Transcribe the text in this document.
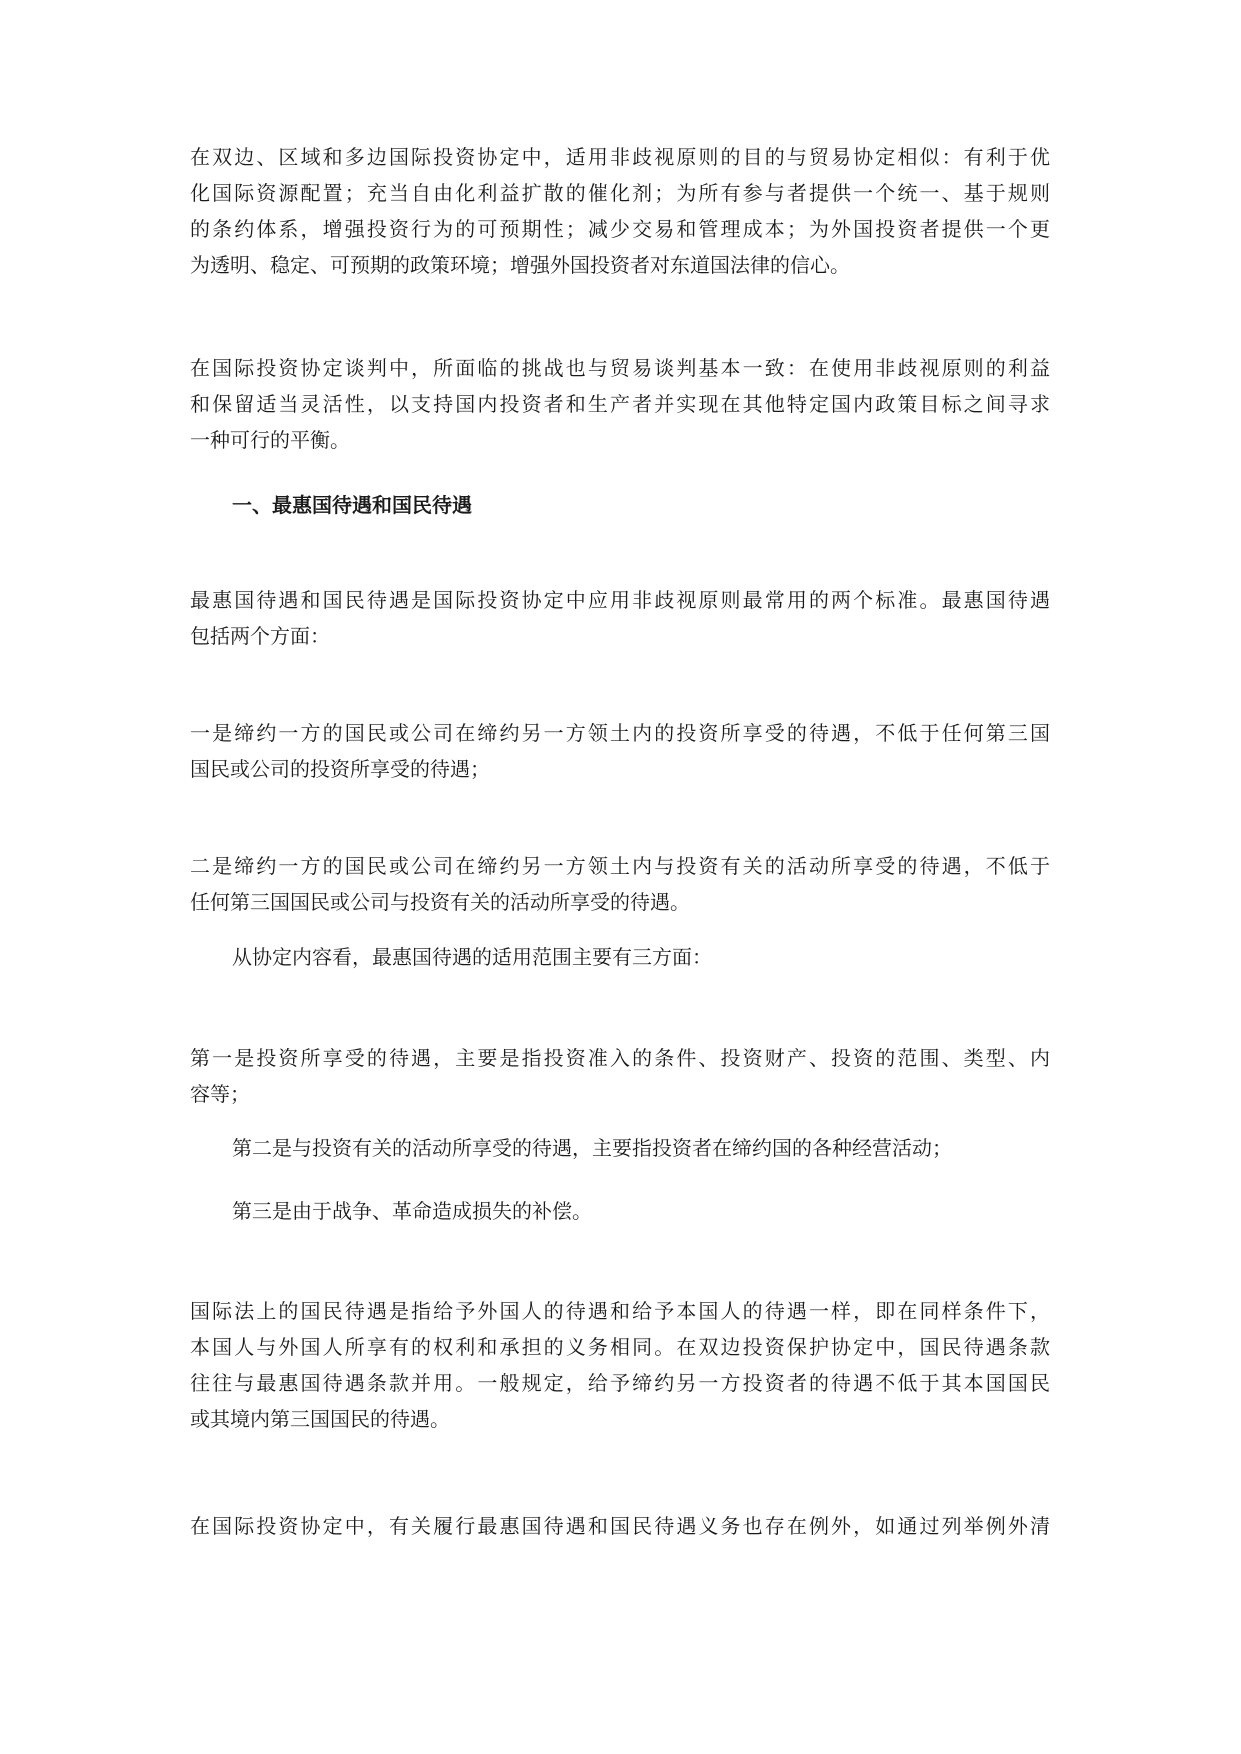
在双边、区域和多边国际投资协定中，适用非歧视原则的目的与贸易协定相似：有利于优
化国际资源配置；充当自由化利益扩散的催化剂；为所有参与者提供一个统一、基于规则
的条约体系，增强投资行为的可预期性；减少交易和管理成本；为外国投资者提供一个更
为透明、稳定、可预期的政策环境；增强外国投资者对东道国法律的信心。

在国际投资协定谈判中，所面临的挑战也与贸易谈判基本一致：在使用非歧视原则的利益
和保留适当灵活性，以支持国内投资者和生产者并实现在其他特定国内政策目标之间寻求
一种可行的平衡。

一、最惠国待遇和国民待遇

最惠国待遇和国民待遇是国际投资协定中应用非歧视原则最常用的两个标准。最惠国待遇
包括两个方面：

一是缔约一方的国民或公司在缔约另一方领土内的投资所享受的待遇，不低于任何第三国
国民或公司的投资所享受的待遇；

二是缔约一方的国民或公司在缔约另一方领土内与投资有关的活动所享受的待遇，不低于
任何第三国国民或公司与投资有关的活动所享受的待遇。

从协定内容看，最惠国待遇的适用范围主要有三方面：

第一是投资所享受的待遇，主要是指投资准入的条件、投资财产、投资的范围、类型、内
容等；

第二是与投资有关的活动所享受的待遇，主要指投资者在缔约国的各种经营活动；

第三是由于战争、革命造成损失的补偿。

国际法上的国民待遇是指给予外国人的待遇和给予本国人的待遇一样，即在同样条件下，
本国人与外国人所享有的权利和承担的义务相同。在双边投资保护协定中，国民待遇条款
往往与最惠国待遇条款并用。一般规定，给予缔约另一方投资者的待遇不低于其本国国民
或其境内第三国国民的待遇。

在国际投资协定中，有关履行最惠国待遇和国民待遇义务也存在例外，如通过列举例外清
